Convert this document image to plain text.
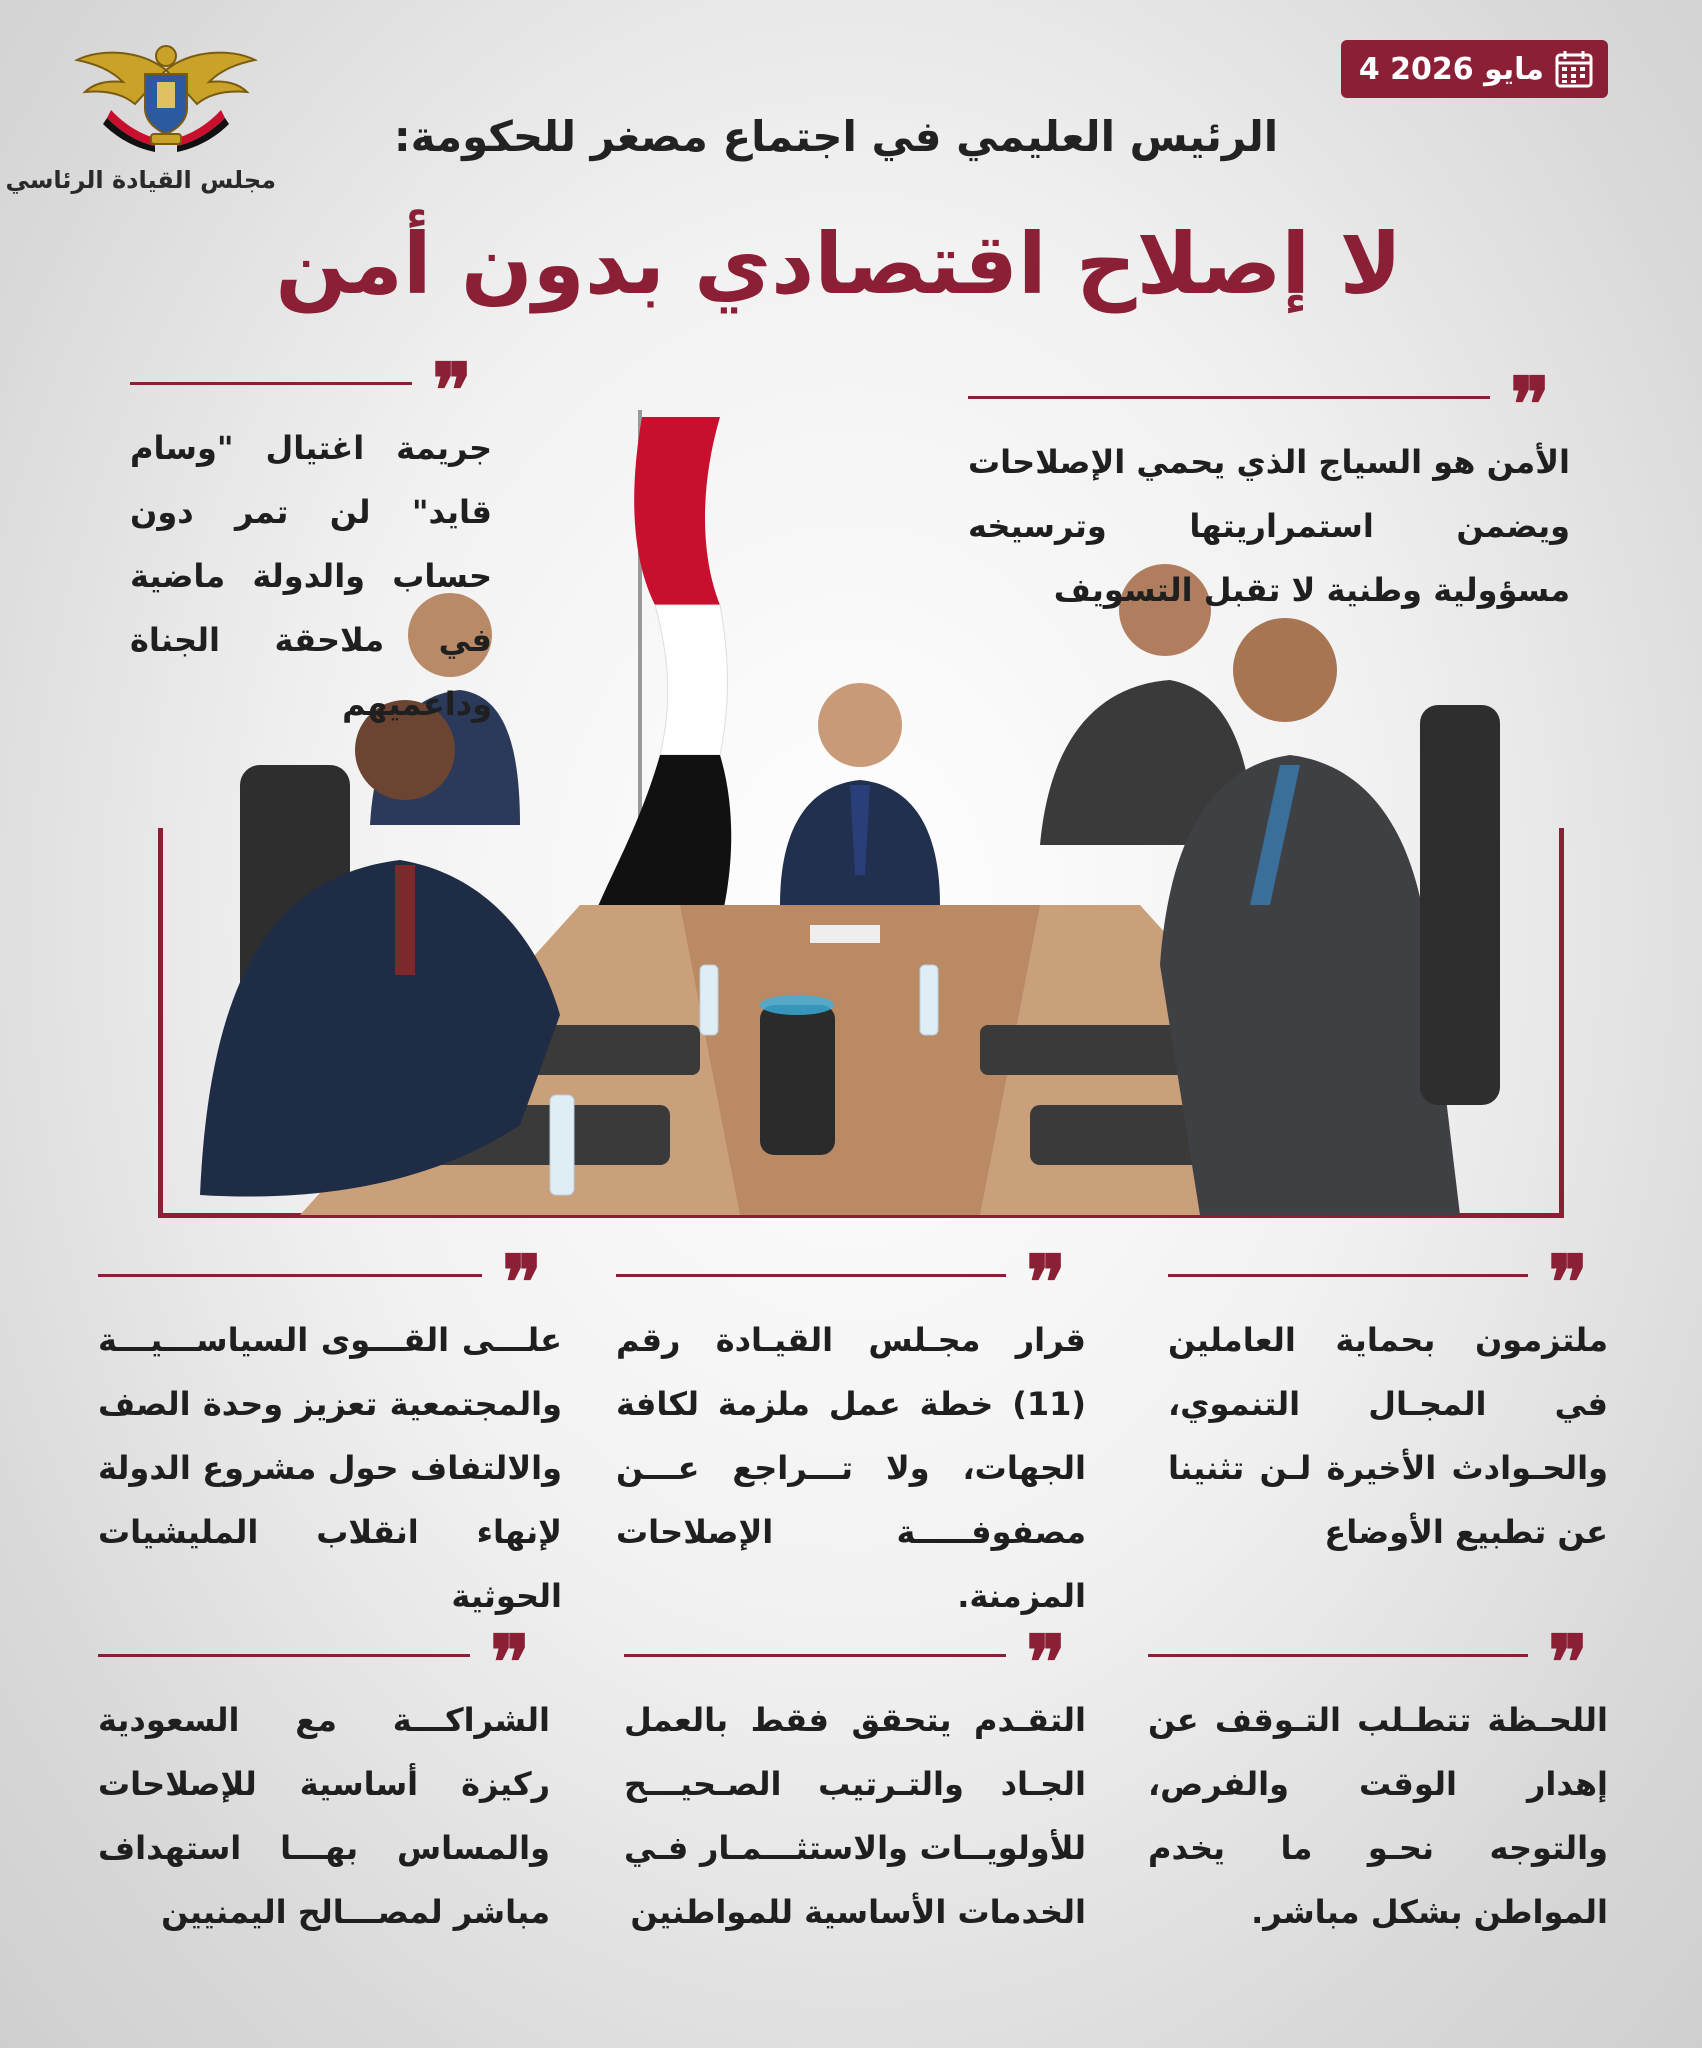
مجلس القيادة الرئاسي
4 مايو 2026
الرئيس العليمي في اجتماع مصغر للحكومة:
لا إصلاح اقتصادي بدون أمن
❞
جريمة اغتيال "وسام قايد" لن تمر دون حساب والدولة ماضية في ملاحقة الجناة وداعميهم
❞
الأمن هو السياج الذي يحمي الإصلاحات ويضمن استمراريتها وترسيخه مسؤولية وطنية لا تقبل التسويف
❞
علـــى القـــوى السياســـيـــة والمجتمعية تعزيز وحدة الصف والالتفاف حول مشروع الدولة لإنهاء انقلاب المليشيات الحوثية
❞
قرار مجـلس القيـادة رقم (11) خطة عمل ملزمة لكافة الجهات، ولا تـــراجع عـــن مصفوفـــــة الإصلاحات المزمنة.
❞
ملتزمون بحماية العاملين في المجـال التنموي، والحـوادث الأخيرة لـن تثنينا عن تطبيع الأوضاع
❞
الشراكـــة مع السعودية ركيزة أساسية للإصلاحات والمساس بهـــا استهداف مباشر لمصـــالح اليمنيين
❞
التقـدم يتحقق فقط بالعمل الجـاد والتـرتيب الصـحيـــح للأولويــات والاستثـــمـار فـي الخدمات الأساسية للمواطنين
❞
اللحـظة تتطـلب التـوقف عن إهدار الوقت والفرص، والتوجه نحـو ما يخدم المواطن بشكل مباشر.
